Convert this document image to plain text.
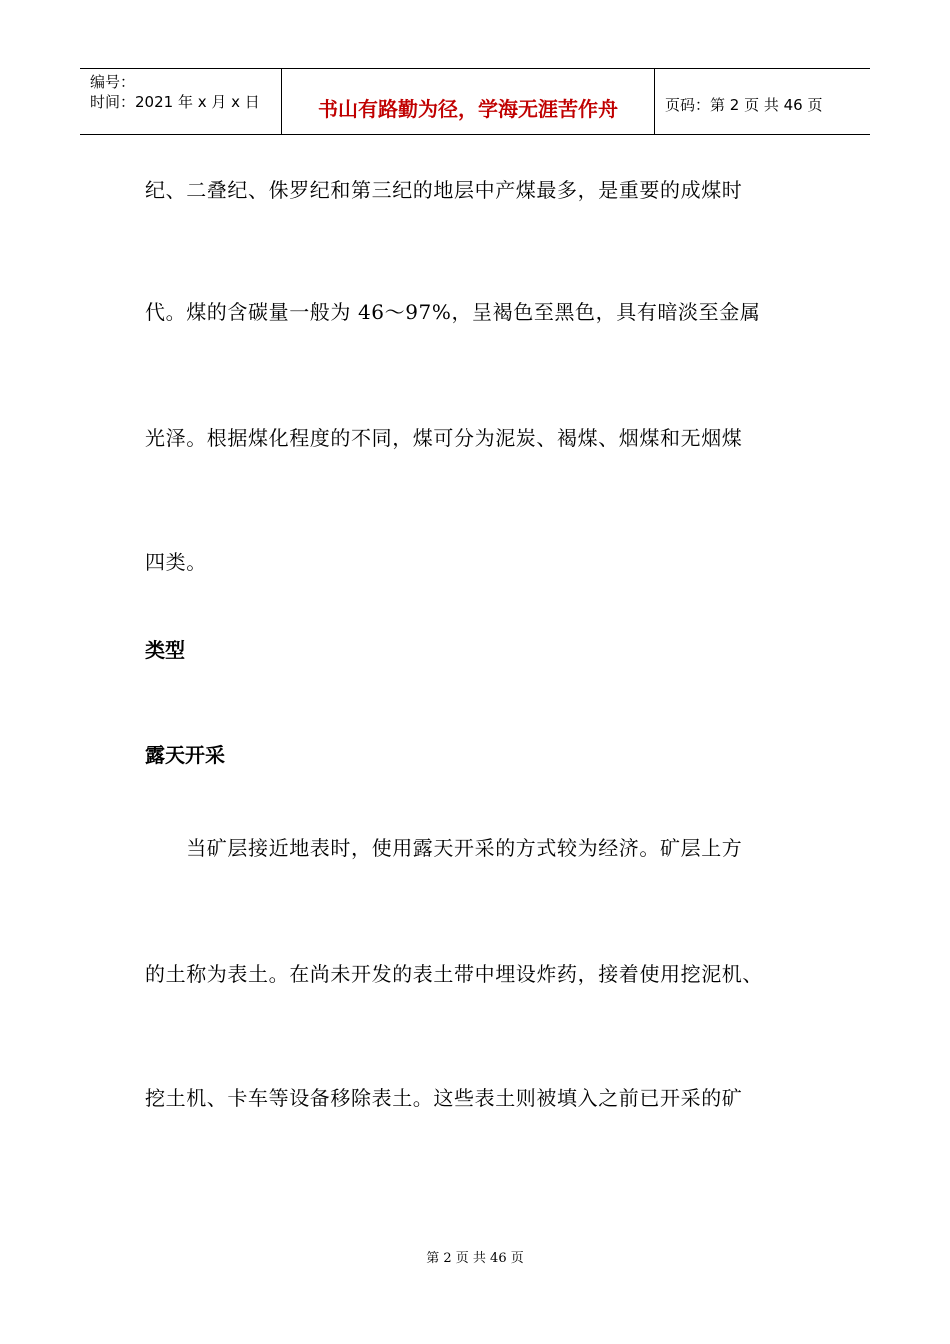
编号：
时间：2021 年 x 月 x 日	书山有路勤为径，学海无涯苦作舟	页码：第 2 页 共 46 页
纪、二叠纪、侏罗纪和第三纪的地层中产煤最多，是重要的成煤时
代。煤的含碳量一般为 46～97%，呈褐色至黑色，具有暗淡至金属
光泽。根据煤化程度的不同，煤可分为泥炭、褐煤、烟煤和无烟煤
四类。
类型
露天开采
　　当矿层接近地表时，使用露天开采的方式较为经济。矿层上方
的土称为表土。在尚未开发的表土带中埋设炸药，接着使用挖泥机、
挖土机、卡车等设备移除表土。这些表土则被填入之前已开采的矿
第 2 页 共 46 页
